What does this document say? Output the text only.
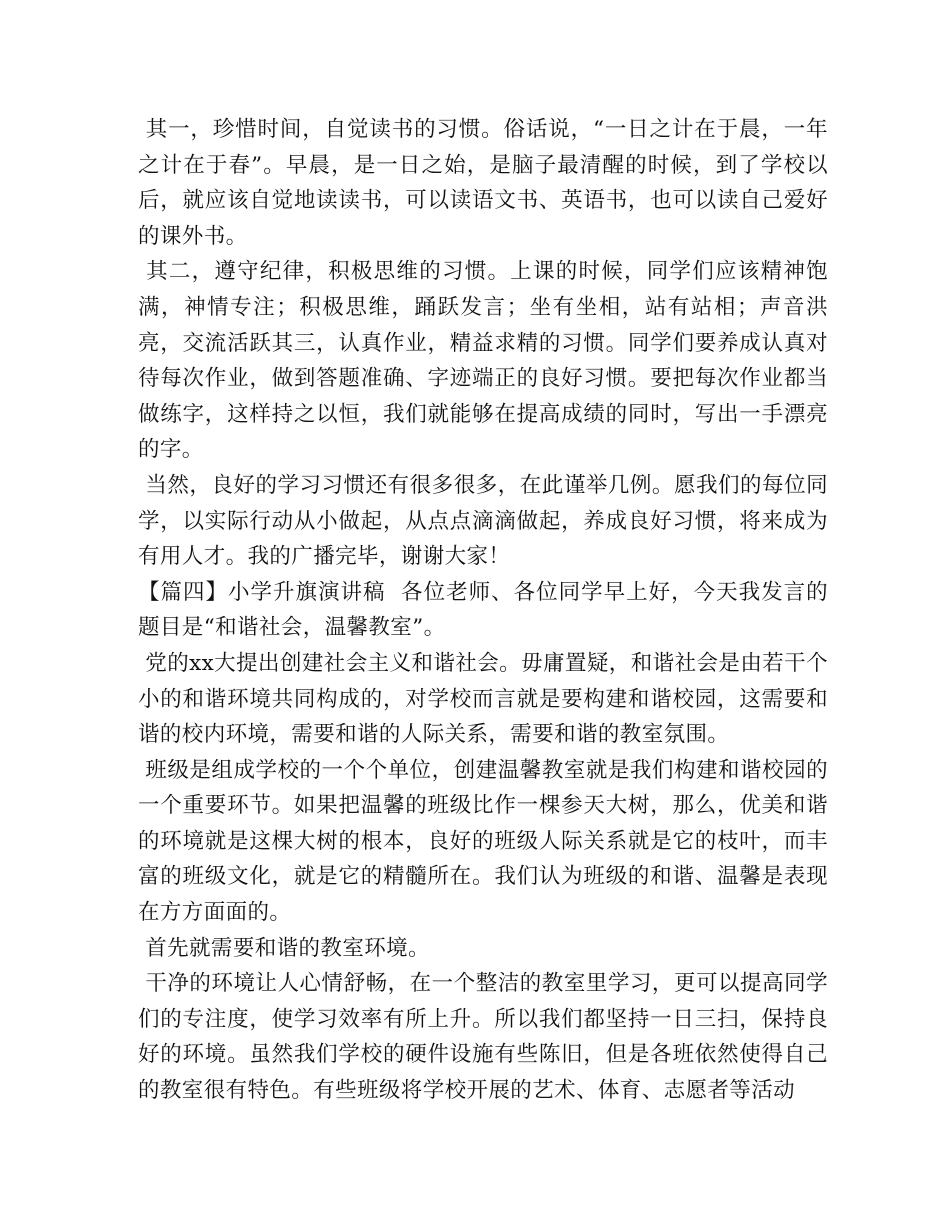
其一，珍惜时间，自觉读书的习惯。俗话说，“一日之计在于晨，一年之计在于春”。早晨，是一日之始，是脑子最清醒的时候，到了学校以后，就应该自觉地读读书，可以读语文书、英语书，也可以读自己爱好的课外书。

其二，遵守纪律，积极思维的习惯。上课的时候，同学们应该精神饱满，神情专注；积极思维，踊跃发言；坐有坐相，站有站相；声音洪亮，交流活跃其三，认真作业，精益求精的习惯。同学们要养成认真对待每次作业，做到答题准确、字迹端正的良好习惯。要把每次作业都当做练字，这样持之以恒，我们就能够在提高成绩的同时，写出一手漂亮的字。

当然，良好的学习习惯还有很多很多，在此谨举几例。愿我们的每位同学，以实际行动从小做起，从点点滴滴做起，养成良好习惯，将来成为有用人才。我的广播完毕，谢谢大家！

【篇四】小学升旗演讲稿  各位老师、各位同学早上好，今天我发言的题目是“和谐社会，温馨教室”。

党的xx大提出创建社会主义和谐社会。毋庸置疑，和谐社会是由若干个小的和谐环境共同构成的，对学校而言就是要构建和谐校园，这需要和谐的校内环境，需要和谐的人际关系，需要和谐的教室氛围。

班级是组成学校的一个个单位，创建温馨教室就是我们构建和谐校园的一个重要环节。如果把温馨的班级比作一棵参天大树，那么，优美和谐的环境就是这棵大树的根本，良好的班级人际关系就是它的枝叶，而丰富的班级文化，就是它的精髓所在。我们认为班级的和谐、温馨是表现在方方面面的。

首先就需要和谐的教室环境。

干净的环境让人心情舒畅，在一个整洁的教室里学习，更可以提高同学们的专注度，使学习效率有所上升。所以我们都坚持一日三扫，保持良好的环境。虽然我们学校的硬件设施有些陈旧，但是各班依然使得自己的教室很有特色。有些班级将学校开展的艺术、体育、志愿者等活动
